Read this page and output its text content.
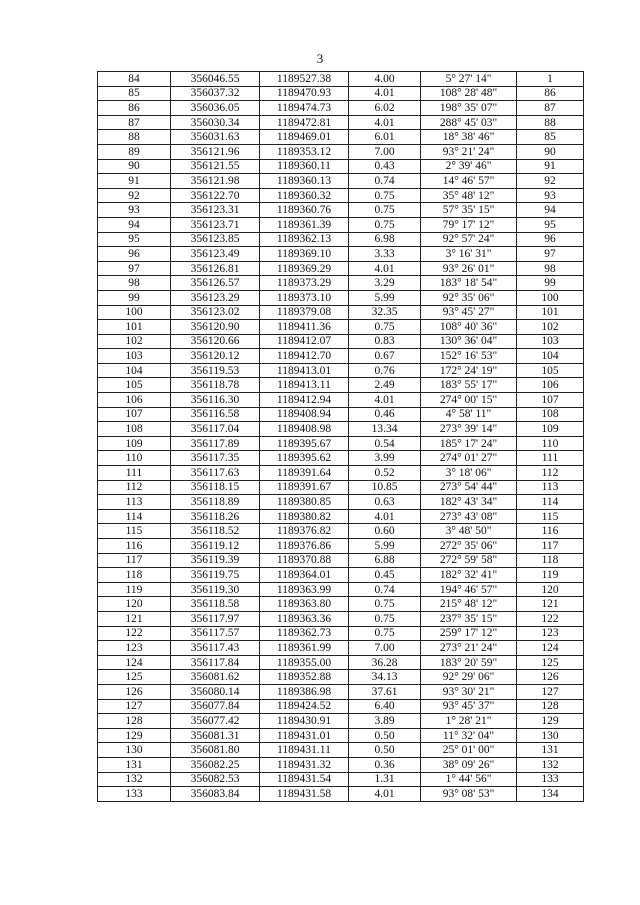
3
84	356046.55	1189527.38	4.00	5° 27' 14"	1
85	356037.32	1189470.93	4.01	108° 28' 48"	86
86	356036.05	1189474.73	6.02	198° 35' 07"	87
87	356030.34	1189472.81	4.01	288° 45' 03"	88
88	356031.63	1189469.01	6.01	18° 38' 46"	85
89	356121.96	1189353.12	7.00	93° 21' 24"	90
90	356121.55	1189360.11	0.43	2° 39' 46"	91
91	356121.98	1189360.13	0.74	14° 46' 57"	92
92	356122.70	1189360.32	0.75	35° 48' 12"	93
93	356123.31	1189360.76	0.75	57° 35' 15"	94
94	356123.71	1189361.39	0.75	79° 17' 12"	95
95	356123.85	1189362.13	6.98	92° 57' 24"	96
96	356123.49	1189369.10	3.33	3° 16' 31"	97
97	356126.81	1189369.29	4.01	93° 26' 01"	98
98	356126.57	1189373.29	3.29	183° 18' 54"	99
99	356123.29	1189373.10	5.99	92° 35' 06"	100
100	356123.02	1189379.08	32.35	93° 45' 27"	101
101	356120.90	1189411.36	0.75	108° 40' 36"	102
102	356120.66	1189412.07	0.83	130° 36' 04"	103
103	356120.12	1189412.70	0.67	152° 16' 53"	104
104	356119.53	1189413.01	0.76	172° 24' 19"	105
105	356118.78	1189413.11	2.49	183° 55' 17"	106
106	356116.30	1189412.94	4.01	274° 00' 15"	107
107	356116.58	1189408.94	0.46	4° 58' 11"	108
108	356117.04	1189408.98	13.34	273° 39' 14"	109
109	356117.89	1189395.67	0.54	185° 17' 24"	110
110	356117.35	1189395.62	3.99	274° 01' 27"	111
111	356117.63	1189391.64	0.52	3° 18' 06"	112
112	356118.15	1189391.67	10.85	273° 54' 44"	113
113	356118.89	1189380.85	0.63	182° 43' 34"	114
114	356118.26	1189380.82	4.01	273° 43' 08"	115
115	356118.52	1189376.82	0.60	3° 48' 50"	116
116	356119.12	1189376.86	5.99	272° 35' 06"	117
117	356119.39	1189370.88	6.88	272° 59' 58"	118
118	356119.75	1189364.01	0.45	182° 32' 41"	119
119	356119.30	1189363.99	0.74	194° 46' 57"	120
120	356118.58	1189363.80	0.75	215° 48' 12"	121
121	356117.97	1189363.36	0.75	237° 35' 15"	122
122	356117.57	1189362.73	0.75	259° 17' 12"	123
123	356117.43	1189361.99	7.00	273° 21' 24"	124
124	356117.84	1189355.00	36.28	183° 20' 59"	125
125	356081.62	1189352.88	34.13	92° 29' 06"	126
126	356080.14	1189386.98	37.61	93° 30' 21"	127
127	356077.84	1189424.52	6.40	93° 45' 37"	128
128	356077.42	1189430.91	3.89	1° 28' 21"	129
129	356081.31	1189431.01	0.50	11° 32' 04"	130
130	356081.80	1189431.11	0.50	25° 01' 00"	131
131	356082.25	1189431.32	0.36	38° 09' 26"	132
132	356082.53	1189431.54	1.31	1° 44' 56"	133
133	356083.84	1189431.58	4.01	93° 08' 53"	134
